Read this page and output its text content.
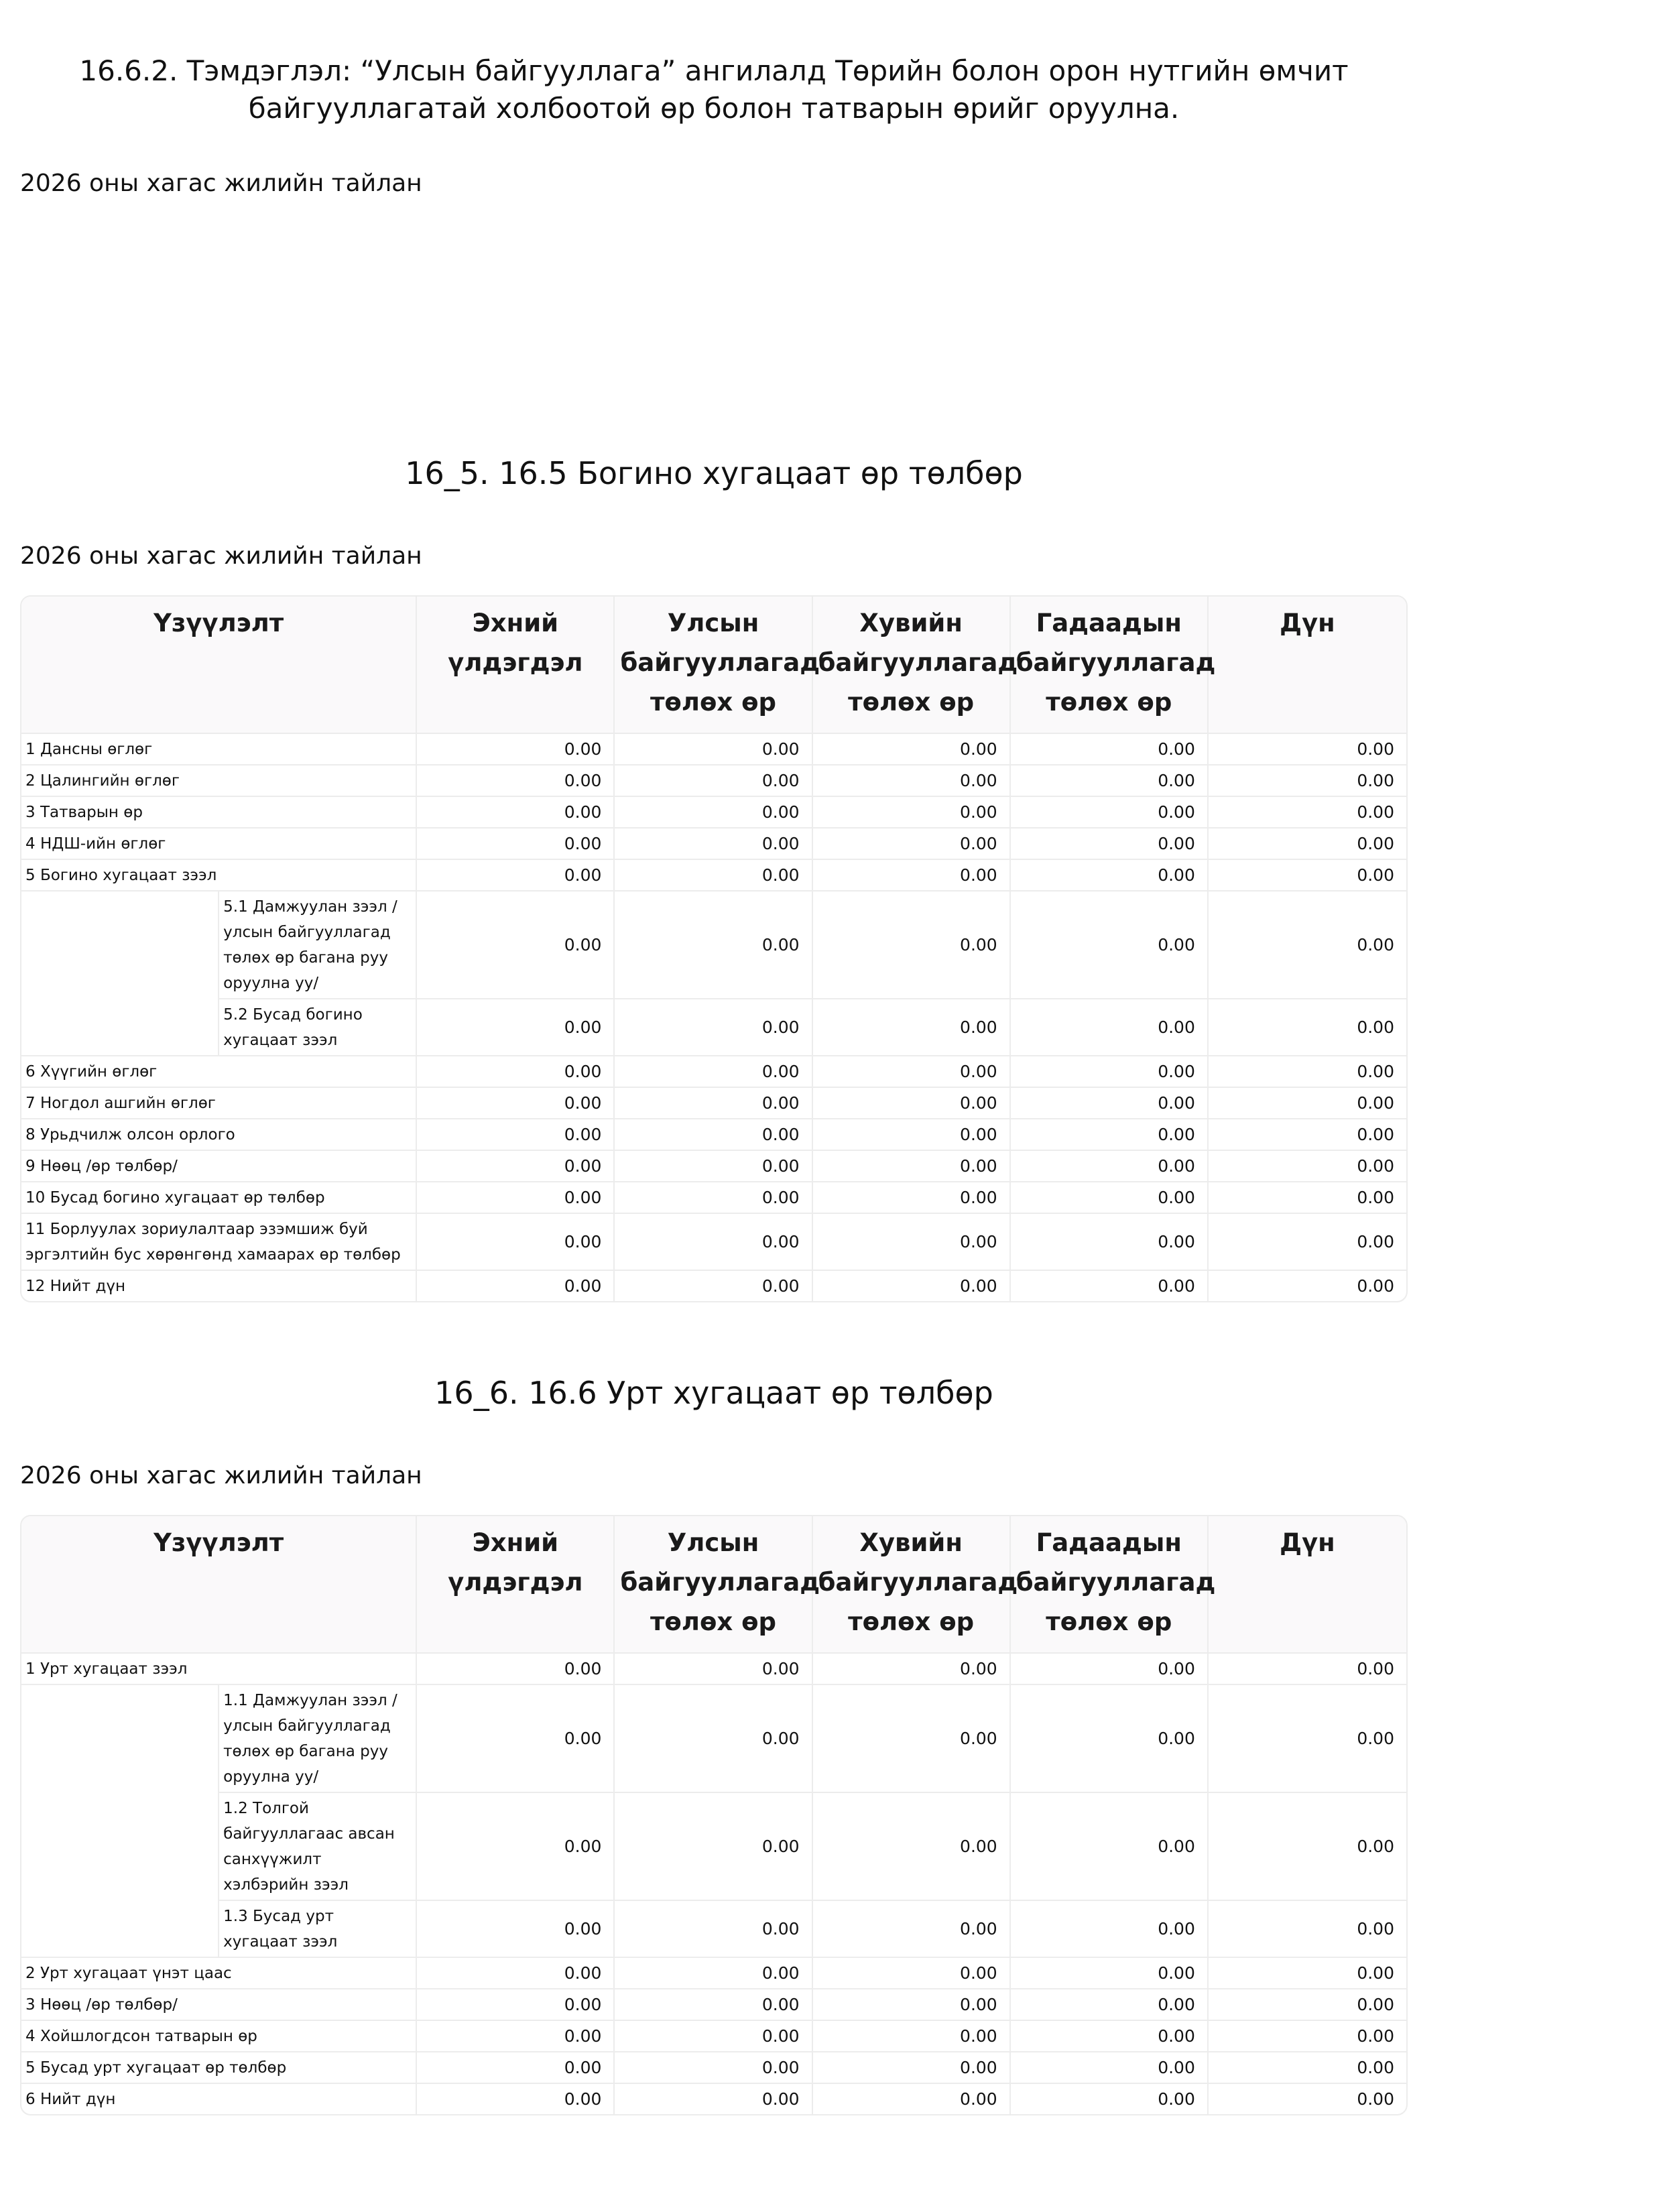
16.6.2. Тэмдэглэл: “Улсын байгууллага” ангилалд Төрийн болон орон нутгийн өмчит
байгууллагатай холбоотой өр болон татварын өрийг оруулна.
2026 оны хагас жилийн тайлан
16_5. 16.5 Богино хугацаат өр төлбөр
2026 оны хагас жилийн тайлан
Үзүүлэлт		Эхний үлдэгдэл	Улсын байгууллагад төлөх өр	Хувийн байгууллагад төлөх өр	Гадаадын байгууллагад төлөх өр	Дүн
1 Дансны өглөг		0.00	0.00	0.00	0.00	0.00
2 Цалингийн өглөг		0.00	0.00	0.00	0.00	0.00
3 Татварын өр		0.00	0.00	0.00	0.00	0.00
4 НДШ-ийн өглөг		0.00	0.00	0.00	0.00	0.00
5 Богино хугацаат зээл		0.00	0.00	0.00	0.00	0.00
	5.1 Дамжуулан зээл / улсын байгууллагад төлөх өр багана руу оруулна уу/	0.00	0.00	0.00	0.00	0.00
	5.2 Бусад богино хугацаат зээл	0.00	0.00	0.00	0.00	0.00
6 Хүүгийн өглөг		0.00	0.00	0.00	0.00	0.00
7 Ногдол ашгийн өглөг		0.00	0.00	0.00	0.00	0.00
8 Урьдчилж олсон орлого		0.00	0.00	0.00	0.00	0.00
9 Нөөц /өр төлбөр/		0.00	0.00	0.00	0.00	0.00
10 Бусад богино хугацаат өр төлбөр		0.00	0.00	0.00	0.00	0.00
11 Борлуулах зориулалтаар эзэмшиж буй эргэлтийн бус хөрөнгөнд хамаарах өр төлбөр		0.00	0.00	0.00	0.00	0.00
12 Нийт дүн		0.00	0.00	0.00	0.00	0.00
16_6. 16.6 Урт хугацаат өр төлбөр
2026 оны хагас жилийн тайлан
Үзүүлэлт		Эхний үлдэгдэл	Улсын байгууллагад төлөх өр	Хувийн байгууллагад төлөх өр	Гадаадын байгууллагад төлөх өр	Дүн
1 Урт хугацаат зээл		0.00	0.00	0.00	0.00	0.00
	1.1 Дамжуулан зээл / улсын байгууллагад төлөх өр багана руу оруулна уу/	0.00	0.00	0.00	0.00	0.00
	1.2 Толгой байгууллагаас авсан санхүүжилт хэлбэрийн зээл	0.00	0.00	0.00	0.00	0.00
	1.3 Бусад урт хугацаат зээл	0.00	0.00	0.00	0.00	0.00
2 Урт хугацаат үнэт цаас		0.00	0.00	0.00	0.00	0.00
3 Нөөц /өр төлбөр/		0.00	0.00	0.00	0.00	0.00
4 Хойшлогдсон татварын өр		0.00	0.00	0.00	0.00	0.00
5 Бусад урт хугацаат өр төлбөр		0.00	0.00	0.00	0.00	0.00
6 Нийт дүн		0.00	0.00	0.00	0.00	0.00
